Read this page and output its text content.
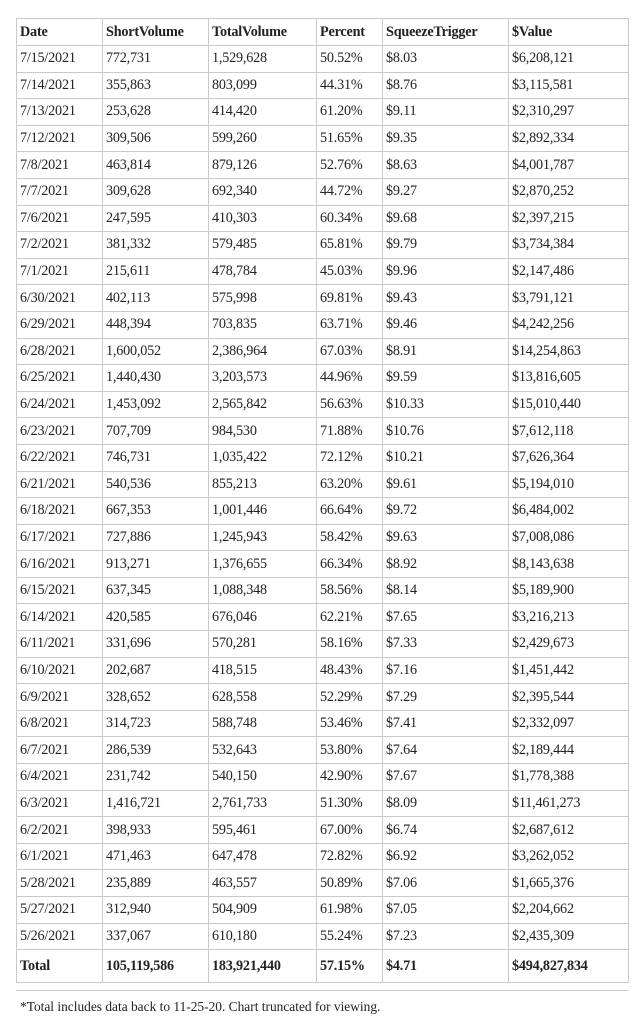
Date	ShortVolume	TotalVolume	Percent	SqueezeTrigger	$Value
7/15/2021	772,731	1,529,628	50.52%	$8.03	$6,208,121
7/14/2021	355,863	803,099	44.31%	$8.76	$3,115,581
7/13/2021	253,628	414,420	61.20%	$9.11	$2,310,297
7/12/2021	309,506	599,260	51.65%	$9.35	$2,892,334
7/8/2021	463,814	879,126	52.76%	$8.63	$4,001,787
7/7/2021	309,628	692,340	44.72%	$9.27	$2,870,252
7/6/2021	247,595	410,303	60.34%	$9.68	$2,397,215
7/2/2021	381,332	579,485	65.81%	$9.79	$3,734,384
7/1/2021	215,611	478,784	45.03%	$9.96	$2,147,486
6/30/2021	402,113	575,998	69.81%	$9.43	$3,791,121
6/29/2021	448,394	703,835	63.71%	$9.46	$4,242,256
6/28/2021	1,600,052	2,386,964	67.03%	$8.91	$14,254,863
6/25/2021	1,440,430	3,203,573	44.96%	$9.59	$13,816,605
6/24/2021	1,453,092	2,565,842	56.63%	$10.33	$15,010,440
6/23/2021	707,709	984,530	71.88%	$10.76	$7,612,118
6/22/2021	746,731	1,035,422	72.12%	$10.21	$7,626,364
6/21/2021	540,536	855,213	63.20%	$9.61	$5,194,010
6/18/2021	667,353	1,001,446	66.64%	$9.72	$6,484,002
6/17/2021	727,886	1,245,943	58.42%	$9.63	$7,008,086
6/16/2021	913,271	1,376,655	66.34%	$8.92	$8,143,638
6/15/2021	637,345	1,088,348	58.56%	$8.14	$5,189,900
6/14/2021	420,585	676,046	62.21%	$7.65	$3,216,213
6/11/2021	331,696	570,281	58.16%	$7.33	$2,429,673
6/10/2021	202,687	418,515	48.43%	$7.16	$1,451,442
6/9/2021	328,652	628,558	52.29%	$7.29	$2,395,544
6/8/2021	314,723	588,748	53.46%	$7.41	$2,332,097
6/7/2021	286,539	532,643	53.80%	$7.64	$2,189,444
6/4/2021	231,742	540,150	42.90%	$7.67	$1,778,388
6/3/2021	1,416,721	2,761,733	51.30%	$8.09	$11,461,273
6/2/2021	398,933	595,461	67.00%	$6.74	$2,687,612
6/1/2021	471,463	647,478	72.82%	$6.92	$3,262,052
5/28/2021	235,889	463,557	50.89%	$7.06	$1,665,376
5/27/2021	312,940	504,909	61.98%	$7.05	$2,204,662
5/26/2021	337,067	610,180	55.24%	$7.23	$2,435,309
Total	105,119,586	183,921,440	57.15%	$4.71	$494,827,834
*Total includes data back to 11-25-20. Chart truncated for viewing.
